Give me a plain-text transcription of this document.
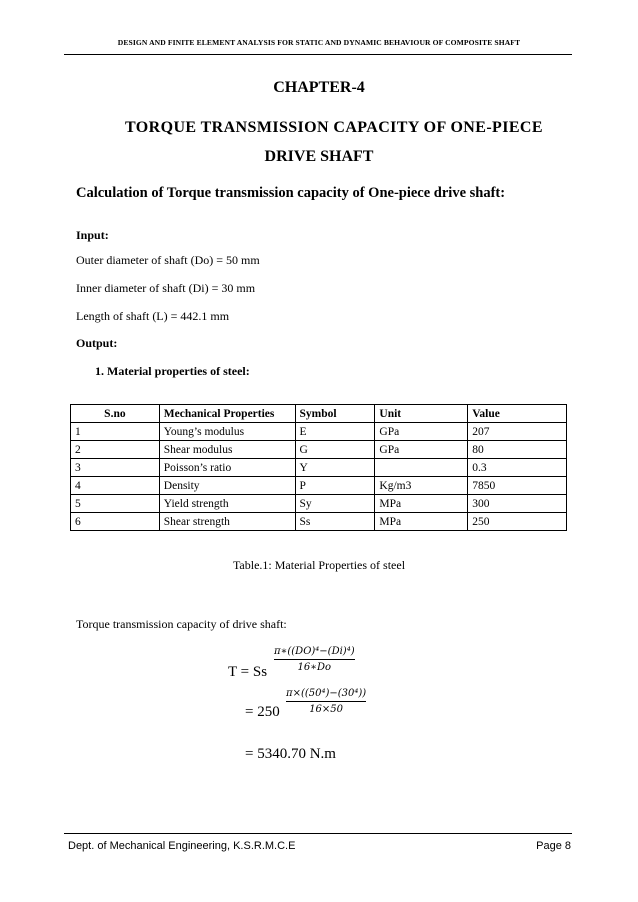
DESIGN AND FINITE ELEMENT ANALYSIS FOR STATIC AND DYNAMIC BEHAVIOUR OF COMPOSITE SHAFT
CHAPTER-4
TORQUE TRANSMISSION CAPACITY OF ONE-PIECE
DRIVE SHAFT
Calculation of Torque transmission capacity of One-piece drive shaft:
Input:
Outer diameter of shaft (Do) = 50 mm
Inner diameter of shaft (Di) = 30 mm
Length of shaft (L) = 442.1 mm
Output:
1. Material properties of steel:
S.no	Mechanical Properties	Symbol	Unit	Value
1	Young’s modulus	E	GPa	207
2	Shear modulus	G	GPa	80
3	Poisson’s ratio	Y		0.3
4	Density	P	Kg/m3	7850
5	Yield strength	Sy	MPa	300
6	Shear strength	Ss	MPa	250
Table.1: Material Properties of steel
Torque transmission capacity of drive shaft:
T = Ss
π∗((𝐷𝑂)⁴−(𝐷𝑖)⁴)
16∗𝐷𝑜
= 250
π×((50⁴)−(30⁴))
16×50
= 5340.70 N.m
Dept. of Mechanical Engineering, K.S.R.M.C.E	Page 8
